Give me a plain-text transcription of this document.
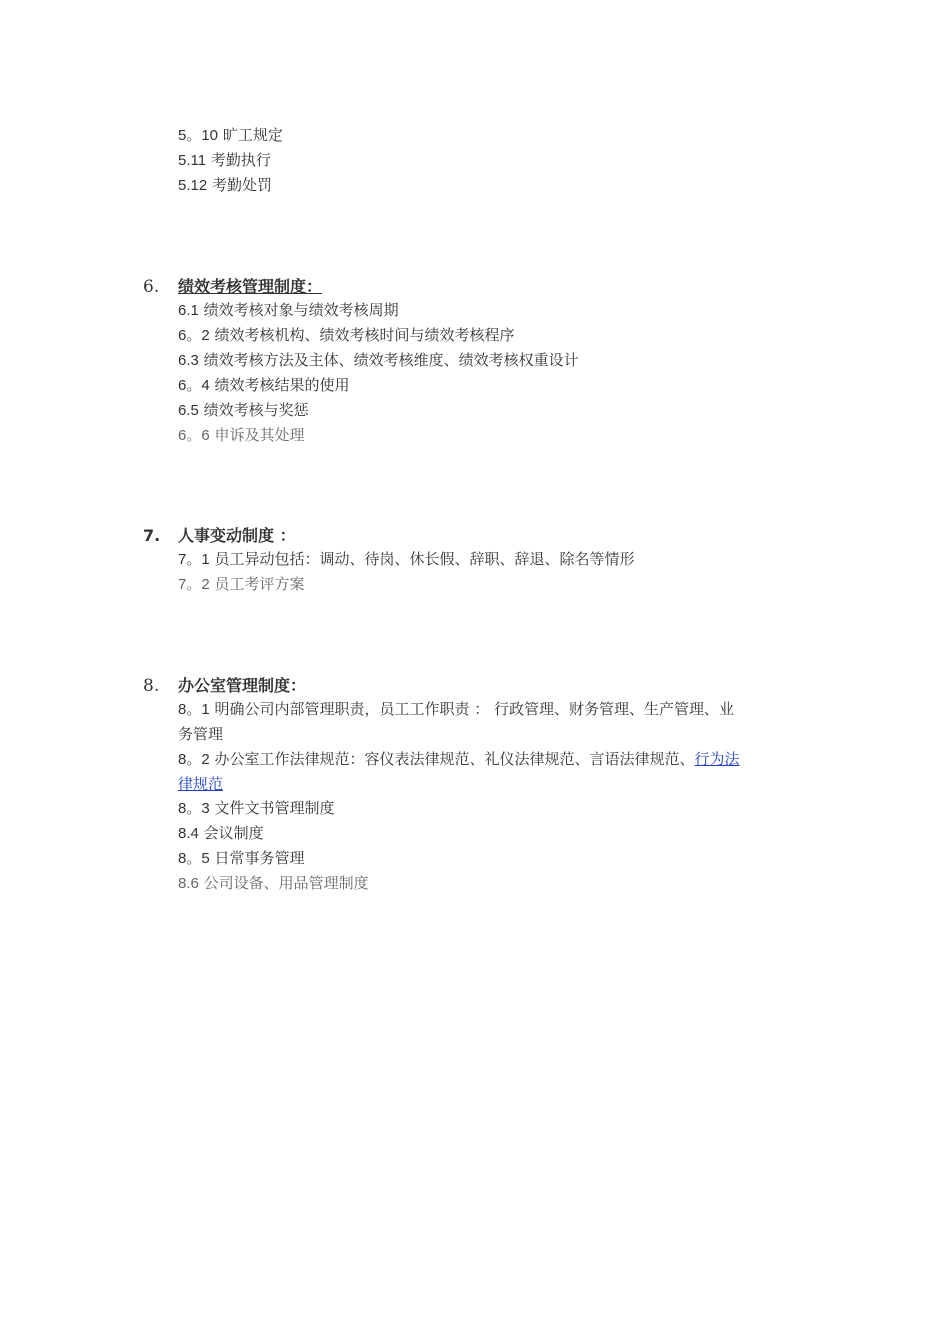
5。10 旷工规定
5.11 考勤执行
5.12 考勤处罚
6. 绩效考核管理制度：
6.1 绩效考核对象与绩效考核周期
6。2 绩效考核机构、绩效考核时间与绩效考核程序
6.3 绩效考核方法及主体、绩效考核维度、绩效考核权重设计
6。4 绩效考核结果的使用
6.5 绩效考核与奖惩
6。6 申诉及其处理
7. 人事变动制度 ：
7。1 员工异动包括：调动、待岗、休长假、辞职、辞退、除名等情形
7。2 员工考评方案
8. 办公室管理制度：
8。1 明确公司内部管理职责，员工工作职责 ： 行政管理、财务管理、生产管理、业
务管理
8。2 办公室工作法律规范：容仪表法律规范、礼仪法律规范、言语法律规范、行为法
律规范
8。3 文件文书管理制度
8.4 会议制度
8。5 日常事务管理
8.6 公司设备、用品管理制度
